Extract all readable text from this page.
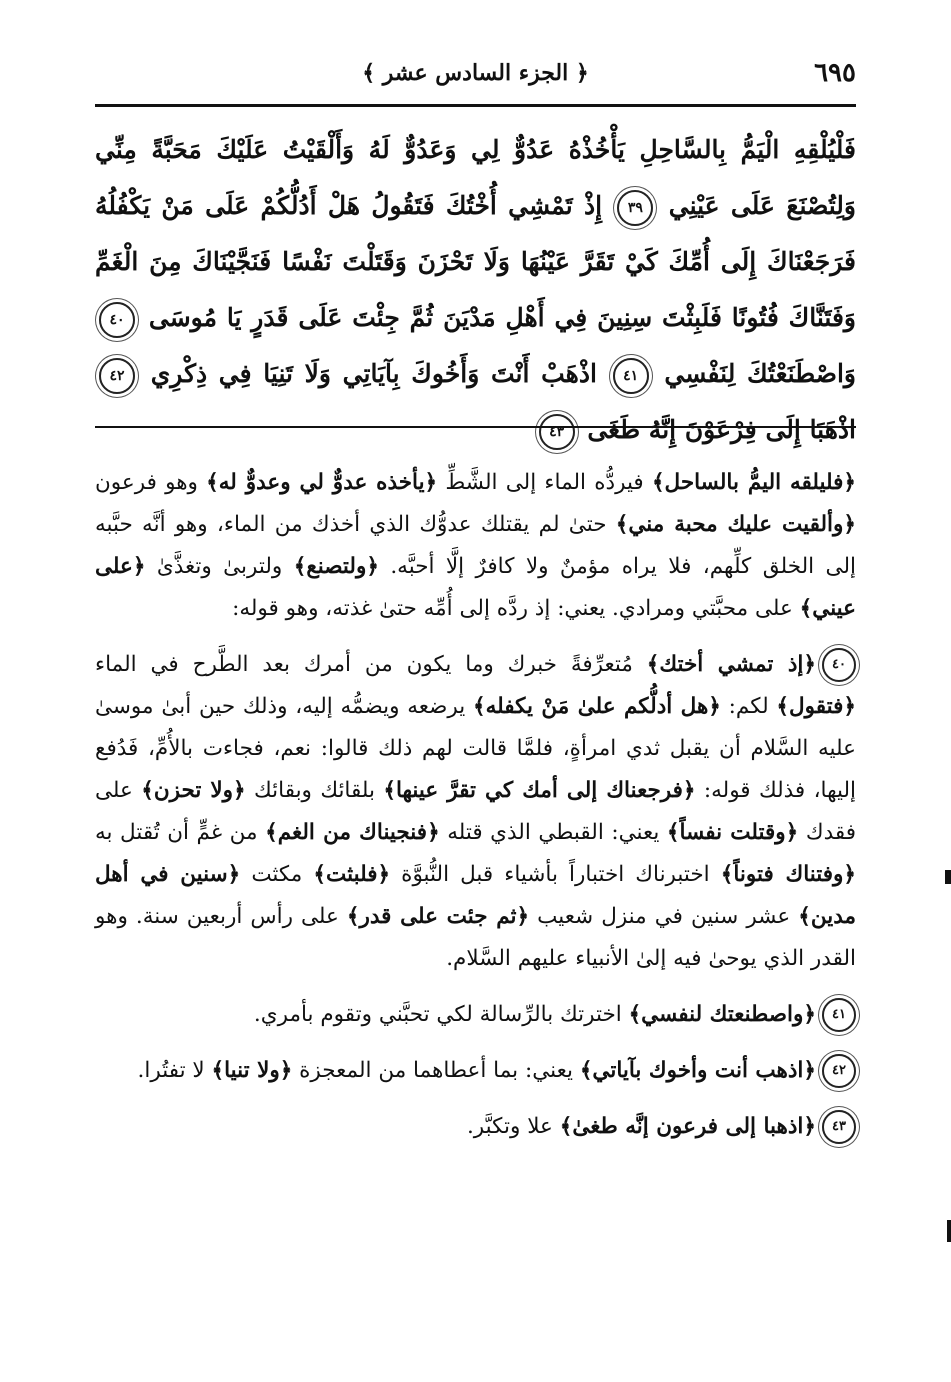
٦٩٥
﴿ الجزء السادس عشر ﴾
فَلْيُلْقِهِ الْيَمُّ بِالسَّاحِلِ يَأْخُذْهُ عَدُوٌّ لِي وَعَدُوٌّ لَهُ وَأَلْقَيْتُ عَلَيْكَ مَحَبَّةً مِنِّي وَلِتُصْنَعَ عَلَى عَيْنِي ٣٩ إِذْ تَمْشِي أُخْتُكَ فَتَقُولُ هَلْ أَدُلُّكُمْ عَلَى مَنْ يَكْفُلُهُ فَرَجَعْنَاكَ إِلَى أُمِّكَ كَيْ تَقَرَّ عَيْنُهَا وَلَا تَحْزَنَ وَقَتَلْتَ نَفْسًا فَنَجَّيْنَاكَ مِنَ الْغَمِّ وَفَتَنَّاكَ فُتُونًا فَلَبِثْتَ سِنِينَ فِي أَهْلِ مَدْيَنَ ثُمَّ جِئْتَ عَلَى قَدَرٍ يَا مُوسَى ٤٠ وَاصْطَنَعْتُكَ لِنَفْسِي ٤١ اذْهَبْ أَنْتَ وَأَخُوكَ بِآيَاتِي وَلَا تَنِيَا فِي ذِكْرِي ٤٢ اذْهَبَا إِلَى فِرْعَوْنَ إِنَّهُ طَغَى ٤٣

﴿فليلقه اليمُّ بالساحل﴾ فيردُّه الماء إلى الشَّطِّ ﴿يأخذه عدوٌّ لي وعدوٌّ له﴾ وهو فرعون ﴿وألقيت عليك محبة مني﴾ حتىٰ لم يقتلك عدوُّك الذي أخذك من الماء، وهو أنَّه حبَّبه إلى الخلق كلِّهم، فلا يراه مؤمنٌ ولا كافرٌ إلَّا أحبَّه. ﴿ولتصنع﴾ ولتربىٰ وتغذَّىٰ ﴿على عيني﴾ على محبَّتي ومرادي. يعني: إذ ردَّه إلى أُمِّه حتىٰ غذته، وهو قوله:

٤٠﴿إذ تمشي أختك﴾ مُتعرِّفةً خبرك وما يكون من أمرك بعد الطَّرح في الماء ﴿فتقول﴾ لكم: ﴿هل أدلُّكم علىٰ مَنْ يكفله﴾ يرضعه ويضمُّه إليه، وذلك حين أبىٰ موسىٰ عليه السَّلام أن يقبل ثدي امرأةٍ، فلمَّا قالت لهم ذلك قالوا: نعم، فجاءت بالأُمِّ، فَدُفع إليها، فذلك قوله: ﴿فرجعناك إلى أمك كي تقرَّ عينها﴾ بلقائك وبقائك ﴿ولا تحزن﴾ على فقدك ﴿وقتلت نفساً﴾ يعني: القبطي الذي قتله ﴿فنجيناك من الغم﴾ من غمٍّ أن تُقتل به ﴿وفتناك فتوناً﴾ اختبرناك اختباراً بأشياء قبل النُّبوَّة ﴿فلبثت﴾ مكثت ﴿سنين في أهل مدين﴾ عشر سنين في منزل شعيب ﴿ثم جئت على قدر﴾ على رأس أربعين سنة. وهو القدر الذي يوحىٰ فيه إلىٰ الأنبياء عليهم السَّلام.

٤١﴿واصطنعتك لنفسي﴾ اخترتك بالرِّسالة لكي تحبَّني وتقوم بأمري.

٤٢﴿اذهب أنت وأخوك بآياتي﴾ يعني: بما أعطاهما من المعجزة ﴿ولا تنيا﴾ لا تفتُرا.

٤٣﴿اذهبا إلى فرعون إنَّه طغىٰ﴾ علا وتكبَّر.
